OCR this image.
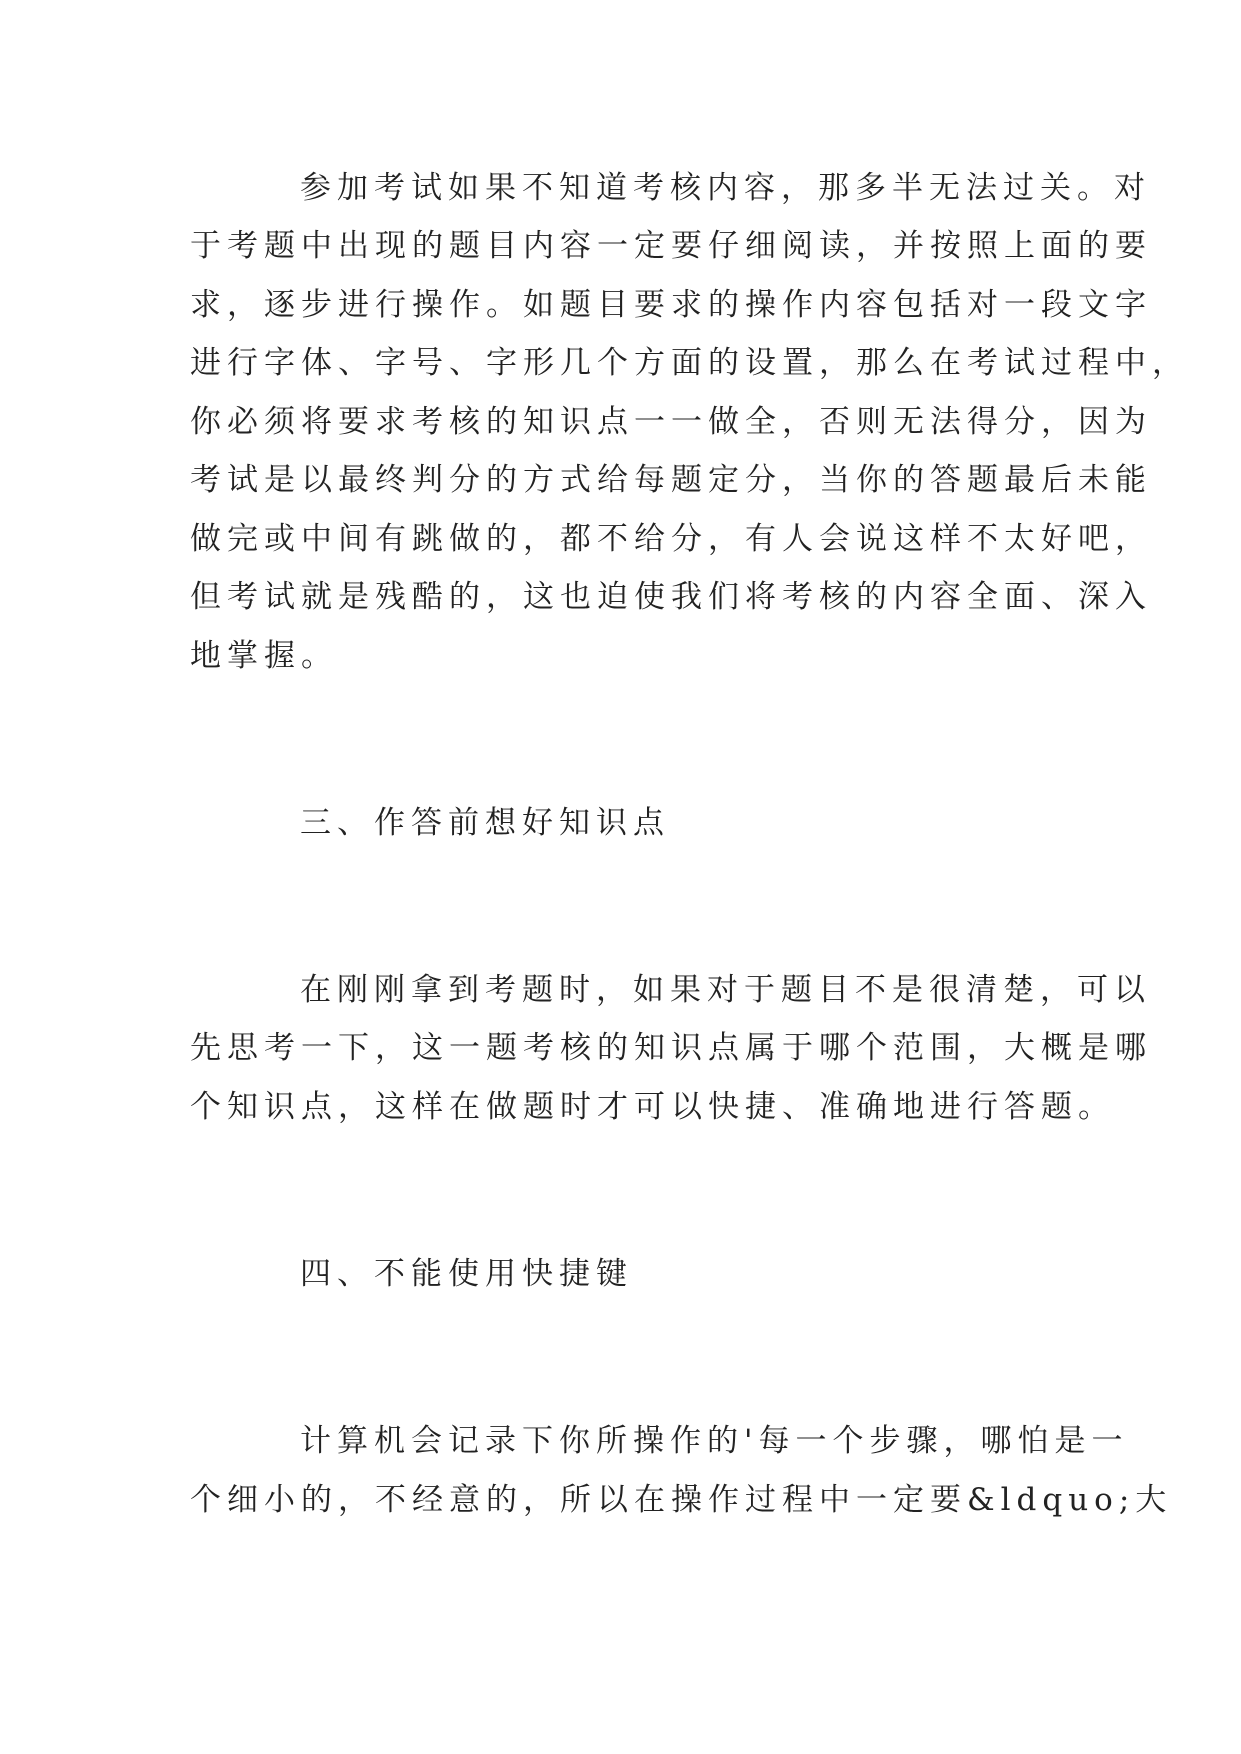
参加考试如果不知道考核内容，那多半无法过关。对

于考题中出现的题目内容一定要仔细阅读，并按照上面的要

求，逐步进行操作。如题目要求的操作内容包括对一段文字

进行字体、字号、字形几个方面的设置，那么在考试过程中，

你必须将要求考核的知识点一一做全，否则无法得分，因为

考试是以最终判分的方式给每题定分，当你的答题最后未能

做完或中间有跳做的，都不给分，有人会说这样不太好吧，

但考试就是残酷的，这也迫使我们将考核的内容全面、深入

地掌握。

三、作答前想好知识点

在刚刚拿到考题时，如果对于题目不是很清楚，可以

先思考一下，这一题考核的知识点属于哪个范围，大概是哪

个知识点，这样在做题时才可以快捷、准确地进行答题。

四、不能使用快捷键

计算机会记录下你所操作的'每一个步骤，哪怕是一

个细小的，不经意的，所以在操作过程中一定要&ldquo;大
